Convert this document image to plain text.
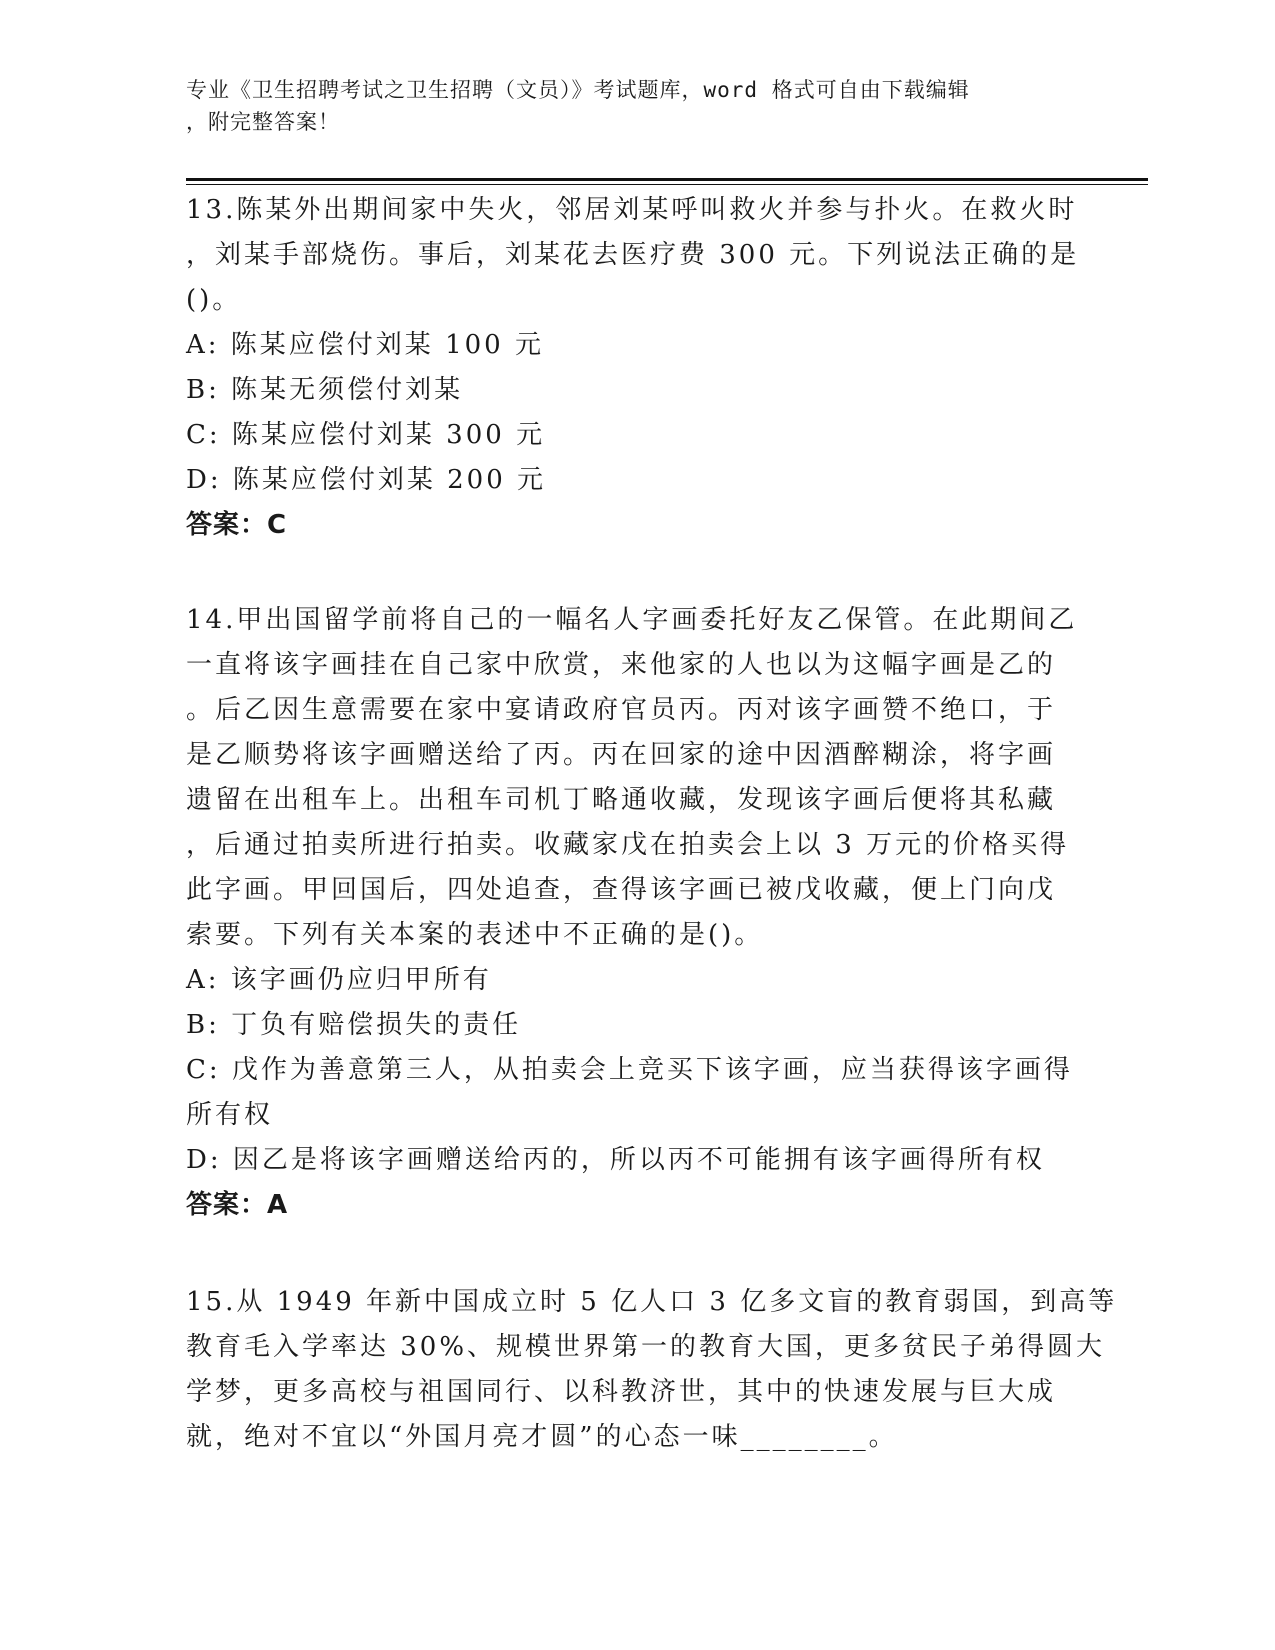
专业《卫生招聘考试之卫生招聘（文员）》考试题库，word 格式可自由下载编辑
，附完整答案！
13.陈某外出期间家中失火，邻居刘某呼叫救火并参与扑火。在救火时
，刘某手部烧伤。事后，刘某花去医疗费 300 元。下列说法正确的是
()。
A: 陈某应偿付刘某 100 元
B: 陈某无须偿付刘某
C: 陈某应偿付刘某 300 元
D: 陈某应偿付刘某 200 元
答案：C
14.甲出国留学前将自己的一幅名人字画委托好友乙保管。在此期间乙
一直将该字画挂在自己家中欣赏，来他家的人也以为这幅字画是乙的
。后乙因生意需要在家中宴请政府官员丙。丙对该字画赞不绝口，于
是乙顺势将该字画赠送给了丙。丙在回家的途中因酒醉糊涂，将字画
遗留在出租车上。出租车司机丁略通收藏，发现该字画后便将其私藏
，后通过拍卖所进行拍卖。收藏家戊在拍卖会上以 3 万元的价格买得
此字画。甲回国后，四处追查，查得该字画已被戊收藏，便上门向戊
索要。下列有关本案的表述中不正确的是()。
A: 该字画仍应归甲所有
B: 丁负有赔偿损失的责任
C: 戊作为善意第三人，从拍卖会上竞买下该字画，应当获得该字画得
所有权
D: 因乙是将该字画赠送给丙的，所以丙不可能拥有该字画得所有权
答案：A
15.从 1949 年新中国成立时 5 亿人口 3 亿多文盲的教育弱国，到高等
教育毛入学率达 30%、规模世界第一的教育大国，更多贫民子弟得圆大
学梦，更多高校与祖国同行、以科教济世，其中的快速发展与巨大成
就，绝对不宜以“外国月亮才圆”的心态一味________。
